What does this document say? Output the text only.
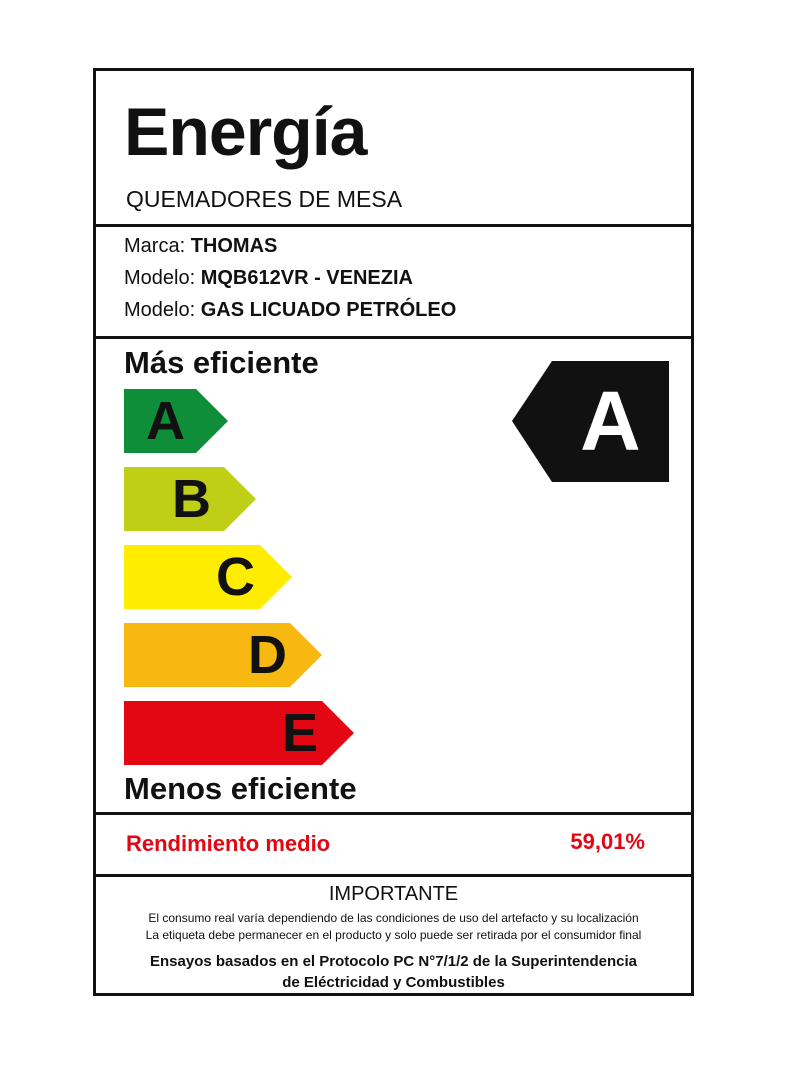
Energía
QUEMADORES DE MESA
Marca: THOMAS
Modelo: MQB612VR - VENEZIA
Modelo: GAS LICUADO PETRÓLEO
Más eficiente
A
B
C
D
E
A
Menos eficiente
Rendimiento medio	59,01%
IMPORTANTE
El consumo real varía dependiendo de las condiciones de uso del artefacto y su localización
La etiqueta debe permanecer en el producto y solo puede ser retirada por el consumidor final
Ensayos basados en el Protocolo PC N°7/1/2 de la Superintendencia
de Eléctricidad y Combustibles
